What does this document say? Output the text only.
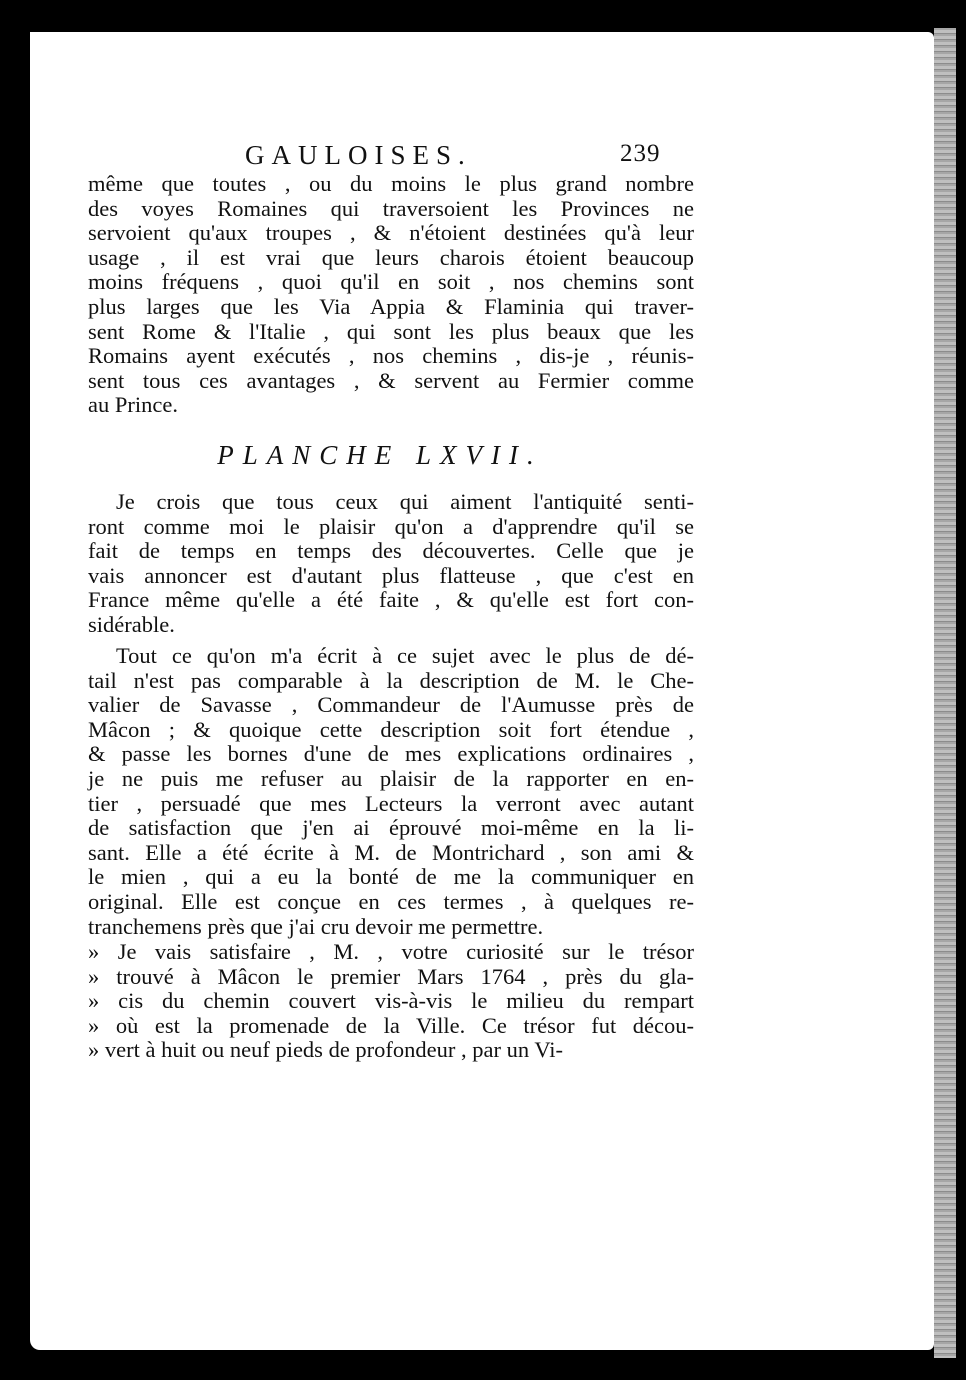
GAULOISES.	239
même que toutes , ou du moins le plus grand nombre
des voyes Romaines qui traversoient les Provinces ne
servoient qu'aux troupes , & n'étoient destinées qu'à leur
usage , il est vrai que leurs charois étoient beaucoup
moins fréquens , quoi qu'il en soit , nos chemins sont
plus larges que les Via Appia & Flaminia qui traver-
sent Rome & l'Italie , qui sont les plus beaux que les
Romains ayent exécutés , nos chemins , dis-je , réunis-
sent tous ces avantages , & servent au Fermier comme
au Prince.
PLANCHE LXVII.
Je crois que tous ceux qui aiment l'antiquité senti-
ront comme moi le plaisir qu'on a d'apprendre qu'il se
fait de temps en temps des découvertes. Celle que je
vais annoncer est d'autant plus flatteuse , que c'est en
France même qu'elle a été faite , & qu'elle est fort con-
sidérable.
Tout ce qu'on m'a écrit à ce sujet avec le plus de dé-
tail n'est pas comparable à la description de M. le Che-
valier de Savasse , Commandeur de l'Aumusse près de
Mâcon ; & quoique cette description soit fort étendue ,
& passe les bornes d'une de mes explications ordinaires ,
je ne puis me refuser au plaisir de la rapporter en en-
tier , persuadé que mes Lecteurs la verront avec autant
de satisfaction que j'en ai éprouvé moi-même en la li-
sant. Elle a été écrite à M. de Montrichard , son ami &
le mien , qui a eu la bonté de me la communiquer en
original. Elle est conçue en ces termes , à quelques re-
tranchemens près que j'ai cru devoir me permettre.
» Je vais satisfaire , M. , votre curiosité sur le trésor
» trouvé à Mâcon le premier Mars 1764 , près du gla-
» cis du chemin couvert vis-à-vis le milieu du rempart
» où est la promenade de la Ville. Ce trésor fut décou-
» vert à huit ou neuf pieds de profondeur , par un Vi-
